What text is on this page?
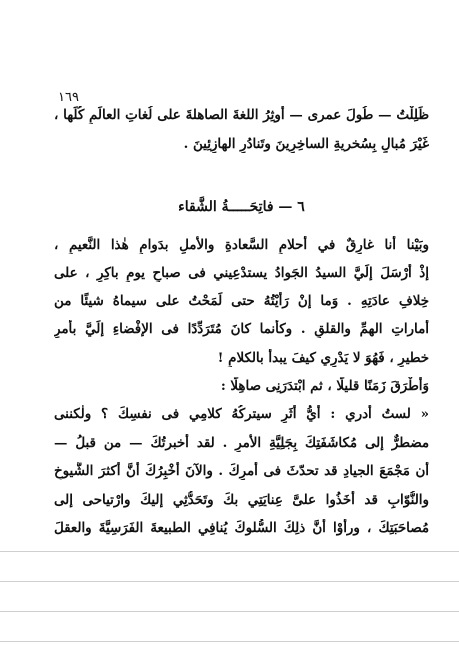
١٦٩
ظَلِلْتُ — طُولَ عمرى — أوثِرُ اللغةَ الصاهلةَ على لُغاتِ العالَمِ كُلِّها ،
غَيْرَ مُبالٍ بِسُخريةِ الساخِرِينَ وتَنادُرِ الهازِئِينَ .
٦ — فاتِحَـــــةُ الشَّقاء
وبَيْنا أنا غارِقٌ في أحلامِ السَّعادةِ والأملِ بدَوامِ هٰذا النَّعيمِ ،
إذْ أرْسَلَ إلَيَّ السيدُ الجَوادُ يستدْعِيني فى صباحِ يومٍ باكِرٍ ، على
خِلافِ عادَتِهِ . وَما إنْ رَأَيْتُهُ حتى لَمَحْتُ على سيماهُ شيئًا من
أماراتِ الهمِّ والقلقِ . وكأنما كانَ مُتَرَدِّدًا فى الإفْضاءِ إلَيَّ بأمرٍ
خطيرٍ ، فَهُوَ لا يَدْرِي كيفَ يبدأُ بالكلامِ !
وَأطْرَقَ زَمَنًا قليلًا ، ثم ابْتدَرَنِى صاهِلًا :
« لستُ أَدري : أيُّ أثَرٍ سيتركُهُ كلامِي فى نفسِكَ ؟ ولٰكننى
مضطرٌّ إلى مُكاشَفَتِكَ بِجَلِيَّةِ الأمرِ . لقد أخبرتُكَ — من قبلُ —
أن مَجْمَعَ الجيادِ قد تحدّثَ فى أمرِكَ . والآنَ أُخْبِرُكَ أنَّ أكثرَ الشُّيوخِ
والنُّوّابِ قد أخَذُوا علىَّ عِنايَتِي بكَ وتَحَدُّثِي إليكَ وارْتياحى إلى
مُصاحَبَتِكَ ، ورأَوْا أنَّ ذلِكَ السُّلوكَ يُنافِي الطبيعةَ الفَرَسِيَّةَ والعقلَ
